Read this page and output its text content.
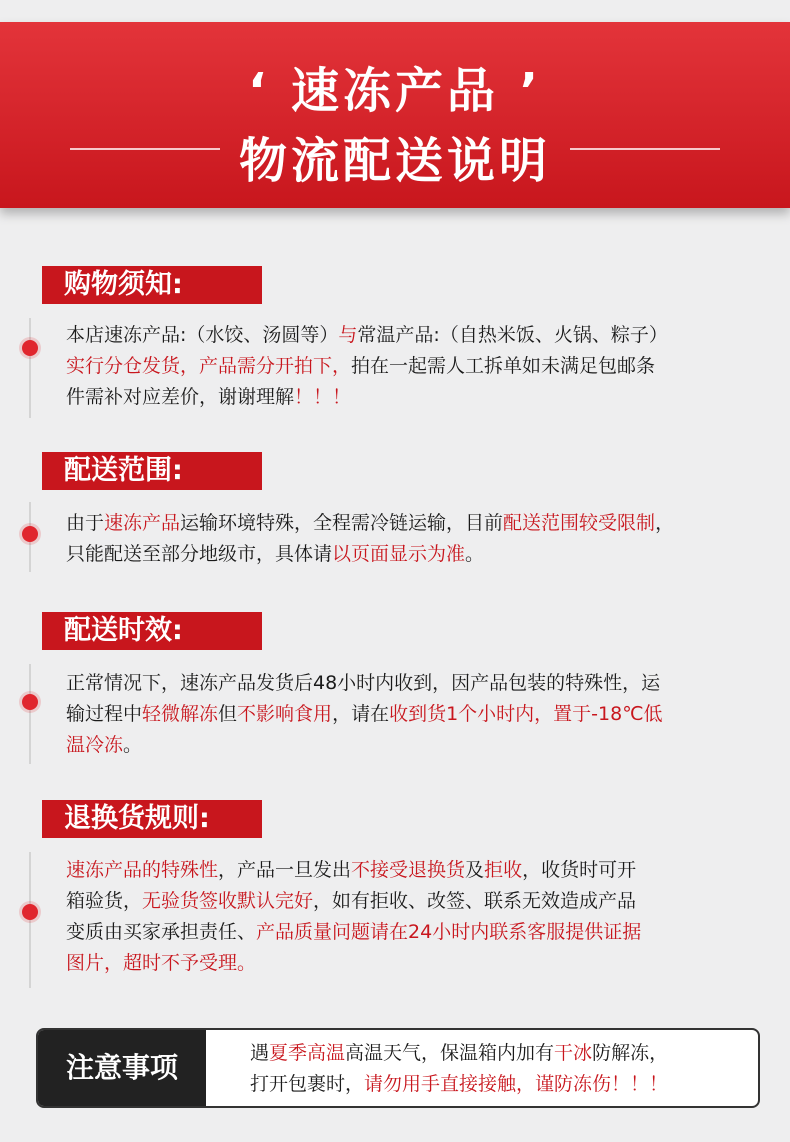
‘ 速冻产品 ’
物流配送说明
购物须知:
本店速冻产品:（水饺、汤圆等）与常温产品:（自热米饭、火锅、粽子）
实行分仓发货，产品需分开拍下，拍在一起需人工拆单如未满足包邮条
件需补对应差价，谢谢理解！！！
配送范围:
由于速冻产品运输环境特殊，全程需冷链运输，目前配送范围较受限制，
只能配送至部分地级市，具体请以页面显示为准。
配送时效:
正常情况下，速冻产品发货后48小时内收到，因产品包装的特殊性，运
输过程中轻微解冻但不影响食用，请在收到货1个小时内，置于-18℃低
温冷冻。
退换货规则:
速冻产品的特殊性，产品一旦发出不接受退换货及拒收，收货时可开
箱验货，无验货签收默认完好，如有拒收、改签、联系无效造成产品
变质由买家承担责任、产品质量问题请在24小时内联系客服提供证据
图片，超时不予受理。
注意事项	遇夏季高温高温天气，保温箱内加有干冰防解冻，
打开包裹时，请勿用手直接接触，谨防冻伤！！！
